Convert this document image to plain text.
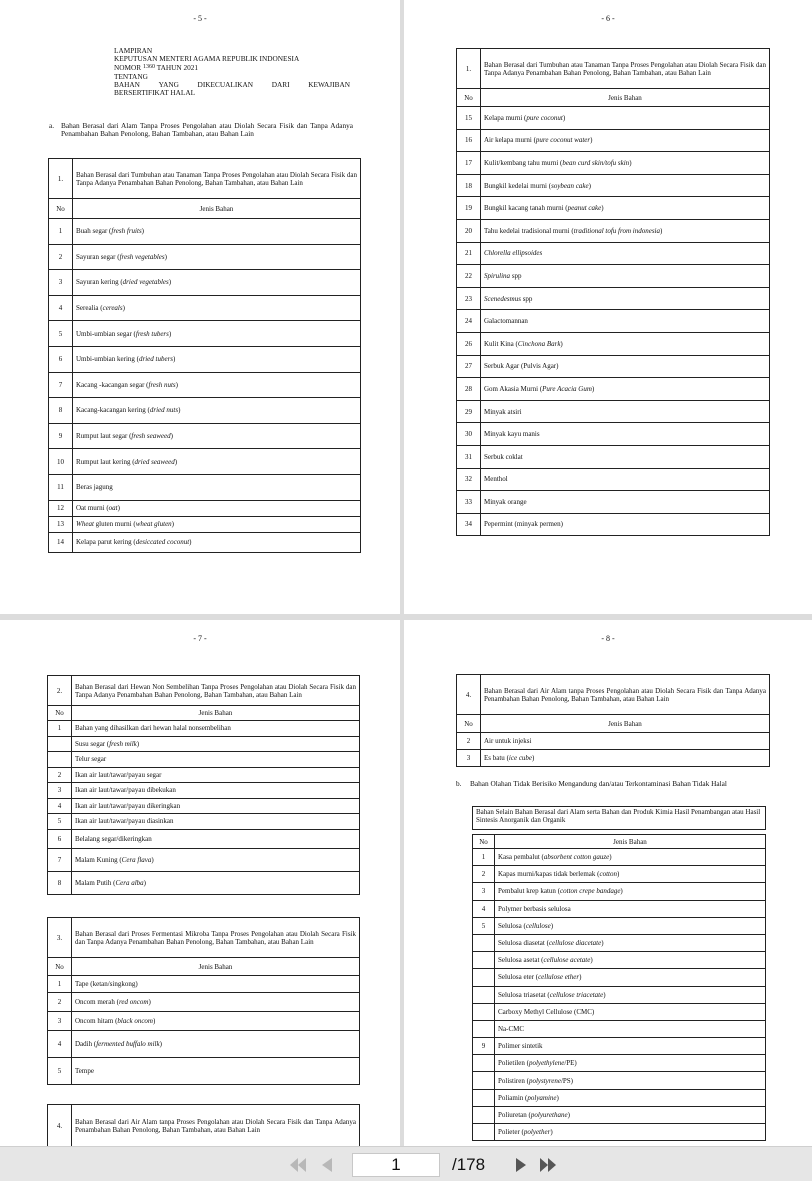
- 5 -
LAMPIRAN
KEPUTUSAN MENTERI AGAMA REPUBLIK INDONESIA
NOMOR $^{1360}$ TAHUN 2021
TENTANG
BAHAN	YANG	DIKECUALIKAN	DARI	KEWAJIBAN
BERSERTIFIKAT HALAL
a. Bahan Berasal dari Alam Tanpa Proses Pengolahan atau Diolah Secara Fisik dan Tanpa Adanya Penambahan Bahan Penolong, Bahan Tambahan, atau Bahan Lain
1.	Bahan Berasal dari Tumbuhan atau Tanaman Tanpa Proses Pengolahan atau Diolah Secara Fisik dan Tanpa Adanya Penambahan Bahan Penolong, Bahan Tambahan, atau Bahan Lain
No	Jenis Bahan
1	Buah segar (fresh fruits)
2	Sayuran segar (fresh vegetables)
3	Sayuran kering (dried vegetables)
4	Serealia (cereals)
5	Umbi-umbian segar (fresh tubers)
6	Umbi-umbian kering (dried tubers)
7	Kacang -kacangan segar (fresh nuts)
8	Kacang-kacangan kering (dried nuts)
9	Rumput laut segar (fresh seaweed)
10	Rumput laut kering (dried seaweed)
11	Beras jagung
12	Oat murni (oat)
13	Wheat gluten murni (wheat gluten)
14	Kelapa parut kering (desiccated coconut)
- 6 -
1.	Bahan Berasal dari Tumbuhan atau Tanaman Tanpa Proses Pengolahan atau Diolah Secara Fisik dan Tanpa Adanya Penambahan Bahan Penolong, Bahan Tambahan, atau Bahan Lain
No	Jenis Bahan
15	Kelapa murni (pure coconut)
16	Air kelapa murni (pure coconut water)
17	Kulit/kembang tahu murni (bean curd skin/tofu skin)
18	Bungkil kedelai murni (soybean cake)
19	Bungkil kacang tanah murni (peanut cake)
20	Tahu kedelai tradisional murni (traditional tofu from indonesia)
21	Chlorella ellipsoides
22	Spirulina spp
23	Scenedesmus spp
24	Galactomannan
26	Kulit Kina (Cinchona Bark)
27	Serbuk Agar (Pulvis Agar)
28	Gom Akasia Murni (Pure Acacia Gum)
29	Minyak atsiri
30	Minyak kayu manis
31	Serbuk coklat
32	Menthol
33	Minyak orange
34	Pepermint (minyak permen)
- 7 -
2.	Bahan Berasal dari Hewan Non Sembelihan Tanpa Proses Pengolahan atau Diolah Secara Fisik dan Tanpa Adanya Penambahan Bahan Penolong, Bahan Tambahan, atau Bahan Lain
No	Jenis Bahan
1	Bahan yang dihasilkan dari hewan halal nonsembelihan
	Susu segar (fresh milk)
	Telur segar
2	Ikan air laut/tawar/payau segar
3	Ikan air laut/tawar/payau dibekukan
4	Ikan air laut/tawar/payau dikeringkan
5	Ikan air laut/tawar/payau diasinkan
6	Belalang segar/dikeringkan
7	Malam Kuning (Cera flava)
8	Malam Putih (Cera alba)
3.	Bahan Berasal dari Proses Fermentasi Mikroba Tanpa Proses Pengolahan atau Diolah Secara Fisik dan Tanpa Adanya Penambahan Bahan Penolong, Bahan Tambahan, atau Bahan Lain
No	Jenis Bahan
1	Tape (ketan/singkong)
2	Oncom merah (red oncom)
3	Oncom hitam (black oncom)
4	Dadih (fermented buffalo milk)
5	Tempe
4.	Bahan Berasal dari Air Alam tanpa Proses Pengolahan atau Diolah Secara Fisik dan Tanpa Adanya Penambahan Bahan Penolong, Bahan Tambahan, atau Bahan Lain
- 8 -
4.	Bahan Berasal dari Air Alam tanpa Proses Pengolahan atau Diolah Secara Fisik dan Tanpa Adanya Penambahan Bahan Penolong, Bahan Tambahan, atau Bahan Lain
No	Jenis Bahan
2	Air untuk injeksi
3	Es batu (ice cube)
b. Bahan Olahan Tidak Berisiko Mengandung dan/atau Terkontaminasi Bahan Tidak Halal
Bahan Selain Bahan Berasal dari Alam serta Bahan dan Produk Kimia Hasil Penambangan atau Hasil Sintesis Anorganik dan Organik
No	Jenis Bahan
1	Kasa pembalut (absorbent cotton gauze)
2	Kapas murni/kapas tidak berlemak (cotton)
3	Pembalut krep katun (cotton crepe bandage)
4	Polymer berbasis selulosa
5	Selulosa (cellulose)
	Selulosa diasetat (cellulose diacetate)
	Selulosa asetat (cellulose acetate)
	Selulosa eter (cellulose ether)
	Selulosa triasetat (cellulose triacetate)
	Carboxy Methyl Cellulose (CMC)
	Na-CMC
9	Polimer sintetik
	Polietilen (polyethylene/PE)
	Polistiren (polystyrene/PS)
	Poliamin (polyamine)
	Poliuretan (polyurethane)
	Polieter (polyether)
1
/178
